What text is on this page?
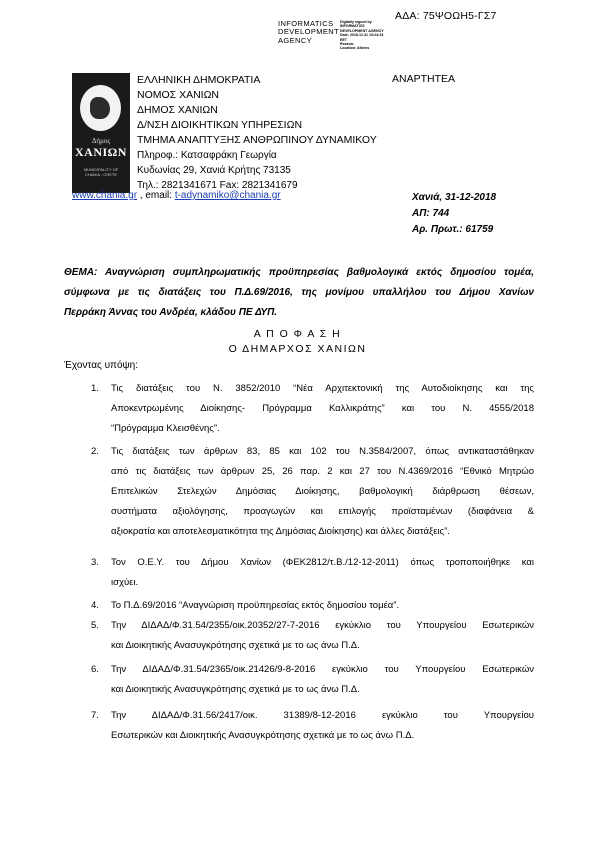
ΑΔΑ: 75ΨΟΩΗ5-ΓΣ7
INFORMATICS
DEVELOPMENT
AGENCY
Digitally signed by
INFORMATICS
DEVELOPMENT AGENCY
Date: 2018.12.31 13:24:33
EET
Reason:
Location: Athens
Δήμος
ΧΑΝΙΩΝ
MUNICIPALITY OF
CHANIA - CRETE
ΕΛΛΗΝΙΚΗ ΔΗΜΟΚΡΑΤΙΑ
ΝΟΜΟΣ ΧΑΝΙΩΝ
ΔΗΜΟΣ ΧΑΝΙΩΝ
Δ/ΝΣΗ ΔΙΟΙΚΗΤΙΚΩΝ ΥΠΗΡΕΣΙΩΝ
ΤΜΗΜΑ ΑΝΑΠΤΥΞΗΣ ΑΝΘΡΩΠΙΝΟΥ ΔΥΝΑΜΙΚΟΥ
Πληροφ.: Κατσαφράκη Γεωργία
Κυδωνίας 29, Χανιά Κρήτης 73135
Τηλ.: 2821341671 Fax: 2821341679
ΑΝΑΡΤΗΤΕΑ
www.chania.gr , email: t-adynamiko@chania.gr	Χανιά, 31-12-2018
ΑΠ: 744
Αρ. Πρωτ.: 61759
ΘΕΜΑ: Αναγνώριση συμπληρωματικής προϋπηρεσίας βαθμολογικά εκτός δημοσίου τομέα,
σύμφωνα με τις διατάξεις του Π.Δ.69/2016, της μονίμου υπαλλήλου του Δήμου Χανίων
Περράκη Άννας του Ανδρέα, κλάδου ΠΕ ΔΥΠ.
Α Π Ο Φ Α Σ Η
Ο ΔΗΜΑΡΧΟΣ ΧΑΝΙΩΝ
Έχοντας υπόψη:
1. Τις διατάξεις του Ν. 3852/2010 “Νέα Αρχιτεκτονική της Αυτοδιοίκησης και της
Αποκεντρωμένης Διοίκησης- Πρόγραμμα Καλλικράτης” και του Ν. 4555/2018
“Πρόγραμμα Κλεισθένης”.
2. Τις διατάξεις των άρθρων 83, 85 και 102 του Ν.3584/2007, όπως αντικαταστάθηκαν
από τις διατάξεις των άρθρων 25, 26 παρ. 2 και 27 του Ν.4369/2016 “Εθνικό Μητρώο
Επιτελικών Στελεχών Δημόσιας Διοίκησης, βαθμολογική διάρθρωση θέσεων,
συστήματα αξιολόγησης, προαγωγών και επιλογής προϊσταμένων (διαφάνεια &
αξιοκρατία και αποτελεσματικότητα της Δημόσιας Διοίκησης) και άλλες διατάξεις”.
3. Τον Ο.Ε.Υ. του Δήμου Χανίων (ΦΕΚ2812/τ.Β./12-12-2011) όπως τροποποιήθηκε και
ισχύει.
4. Το Π.Δ.69/2016 “Αναγνώριση προϋπηρεσίας εκτός δημοσίου τομέα”.
5. Την ΔΙΔΑΔ/Φ.31.54/2355/οικ.20352/27-7-2016 εγκύκλιο του Υπουργείου Εσωτερικών
και Διοικητικής Ανασυγκρότησης σχετικά με το ως άνω Π.Δ.
6. Την ΔΙΔΑΔ/Φ.31.54/2365/οικ.21426/9-8-2016 εγκύκλιο του Υπουργείου Εσωτερικών
και Διοικητικής Ανασυγκρότησης σχετικά με το ως άνω Π.Δ.
7. Την ΔΙΔΑΔ/Φ.31.56/2417/οικ. 31389/8-12-2016 εγκύκλιο του Υπουργείου
Εσωτερικών και Διοικητικής Ανασυγκρότησης σχετικά με το ως άνω Π.Δ.
